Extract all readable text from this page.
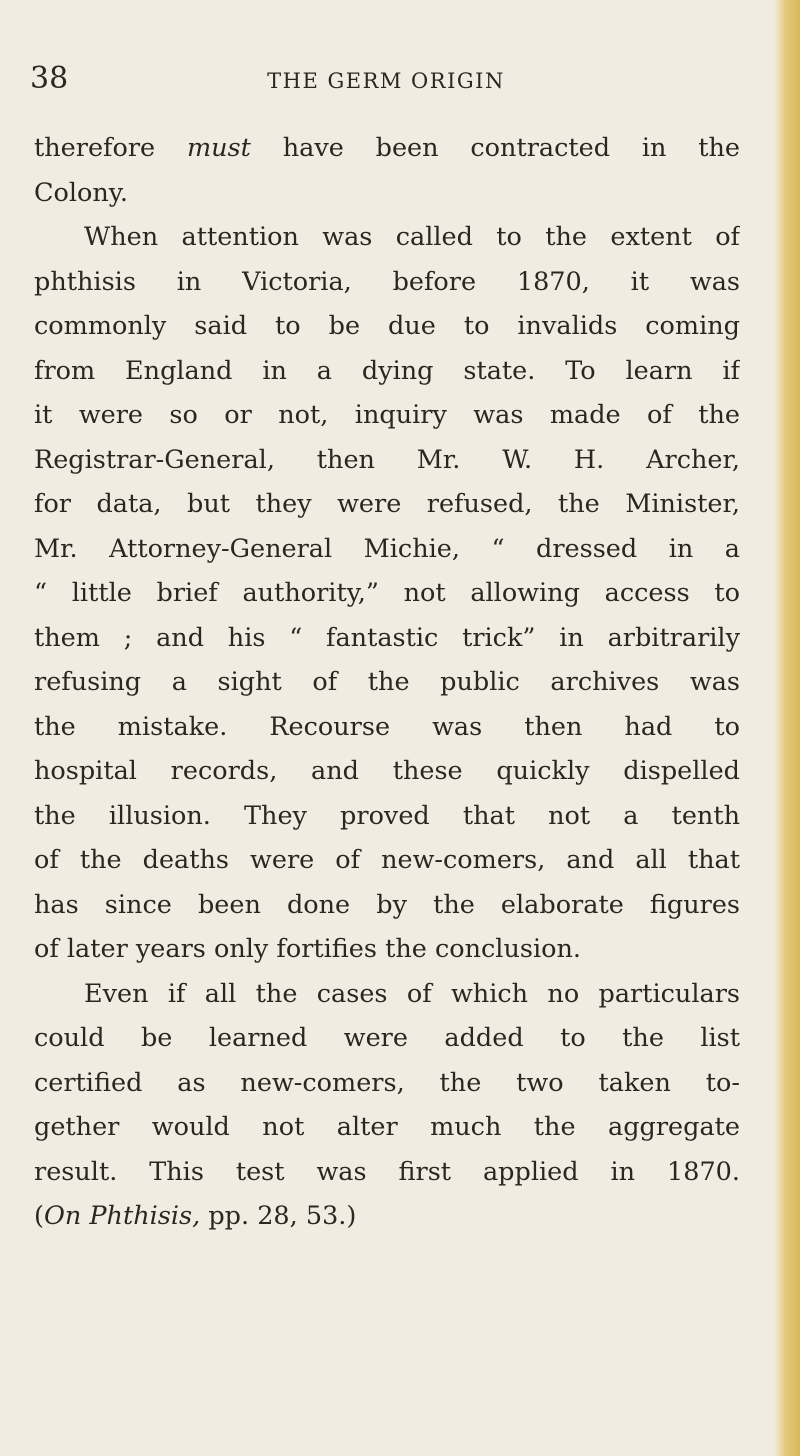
38	THE GERM ORIGIN
therefore must have been contracted in the
Colony.
When attention was called to the extent of
phthisis in Victoria, before 1870, it was
commonly said to be due to invalids coming
from England in a dying state. To learn if
it were so or not, inquiry was made of the
Registrar-General, then Mr. W. H. Archer,
for data, but they were refused, the Minister,
Mr. Attorney-General Michie, “ dressed in a
“ little brief authority,” not allowing access to
them ; and his “ fantastic trick” in arbitrarily
refusing a sight of the public archives was
the mistake. Recourse was then had to
hospital records, and these quickly dispelled
the illusion. They proved that not a tenth
of the deaths were of new-comers, and all that
has since been done by the elaborate figures
of later years only fortifies the conclusion.
Even if all the cases of which no particulars
could be learned were added to the list
certified as new-comers, the two taken to-
gether would not alter much the aggregate
result. This test was first applied in 1870.
(On Phthisis, pp. 28, 53.)
